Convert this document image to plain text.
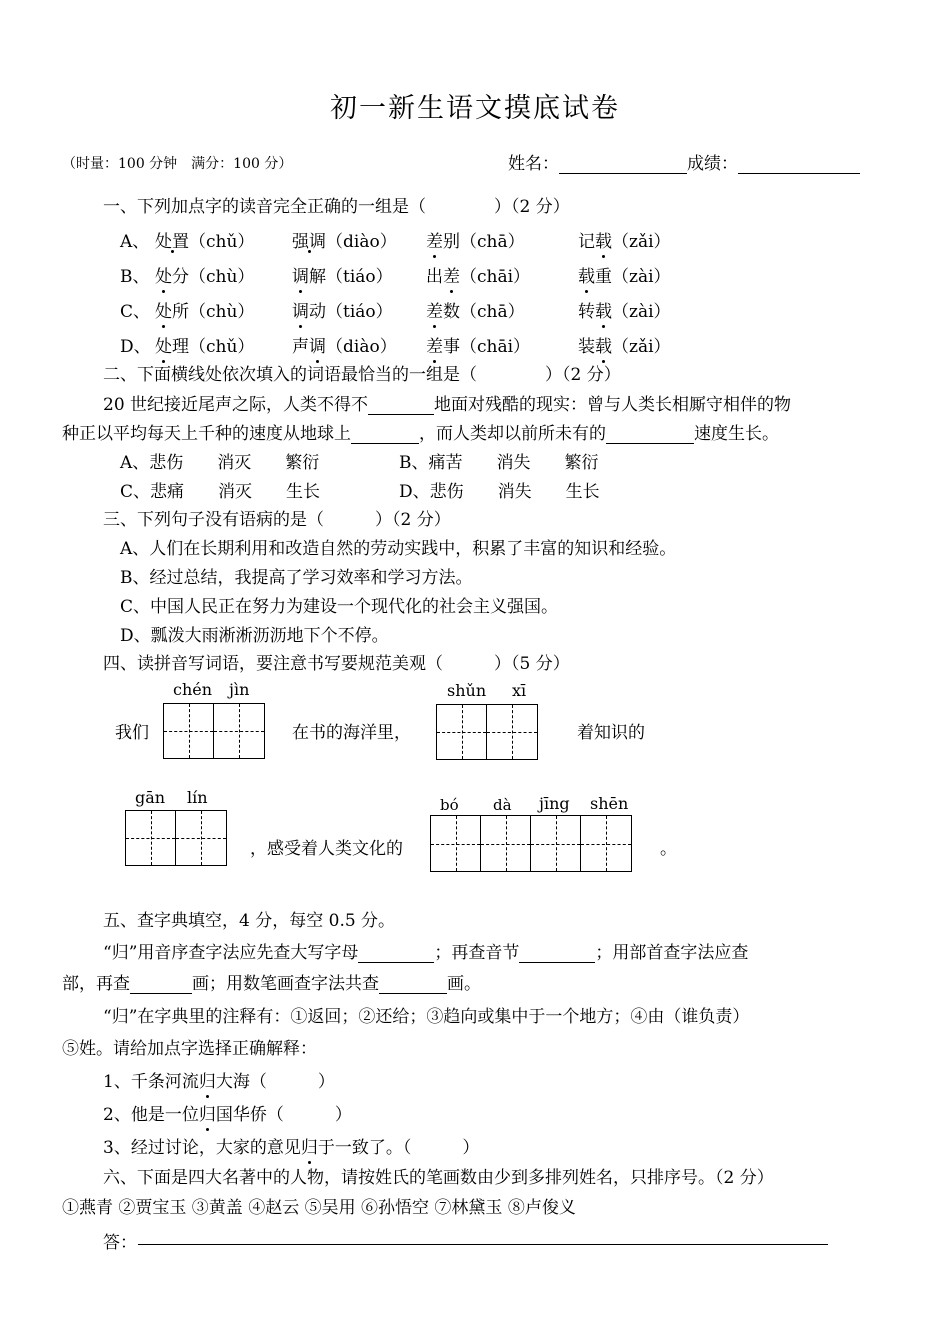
初一新生语文摸底试卷
（时量：100 分钟　满分：100 分）	姓名：	成绩：
一、下列加点字的读音完全正确的一组是（　　　　）（2 分）
A、 处置（chǔ） 强调（diào） 差别（chā）	记载（zǎi）
B、 处分（chù） 调解（tiáo） 出差（chāi）	载重（zài）
C、 处所（chù） 调动（tiáo） 差数（chā）	转载（zài）
D、 处理（chǔ） 声调（diào） 差事（chāi）	装载（zǎi）
二、下面横线处依次填入的词语最恰当的一组是（　　　　）（2 分）
20 世纪接近尾声之际，人类不得不	地面对残酷的现实：曾与人类长相厮守相伴的物
种正以平均每天上千种的速度从地球上	，而人类却以前所未有的	速度生长。
A、悲伤　　消灭　　繁衍	B、痛苦　　消失　　繁衍
C、悲痛　　消灭　　生长	D、悲伤　　消失　　生长
三、下列句子没有语病的是（　　　）（2 分）
A、人们在长期利用和改造自然的劳动实践中，积累了丰富的知识和经验。
B、经过总结，我提高了学习效率和学习方法。
C、中国人民正在努力为建设一个现代化的社会主义强国。
D、瓢泼大雨淅淅沥沥地下个不停。
四、读拼音写词语，要注意书写要规范美观（　　　）（5 分）
chén jìn
我们	在书的海洋里，
shǔn xī
着知识的
gān lín
，感受着人类文化的
bó dà jīng shēn
。
五、查字典填空，4 分，每空 0.5 分。
“归”用音序查字法应先查大写字母	；再查音节	；用部首查字法应查
部，再查	画；用数笔画查字法共查	画。
“归”在字典里的注释有：①返回；②还给；③趋向或集中于一个地方；④由（谁负责）
⑤姓。请给加点字选择正确解释：
1、千条河流归大海（　　　）
2、他是一位归国华侨（　　　）
3、经过讨论，大家的意见归于一致了。（　　　）
六、下面是四大名著中的人物，请按姓氏的笔画数由少到多排列姓名，只排序号。（2 分）
①燕青 ②贾宝玉 ③黄盖 ④赵云 ⑤吴用 ⑥孙悟空 ⑦林黛玉 ⑧卢俊义
答：
